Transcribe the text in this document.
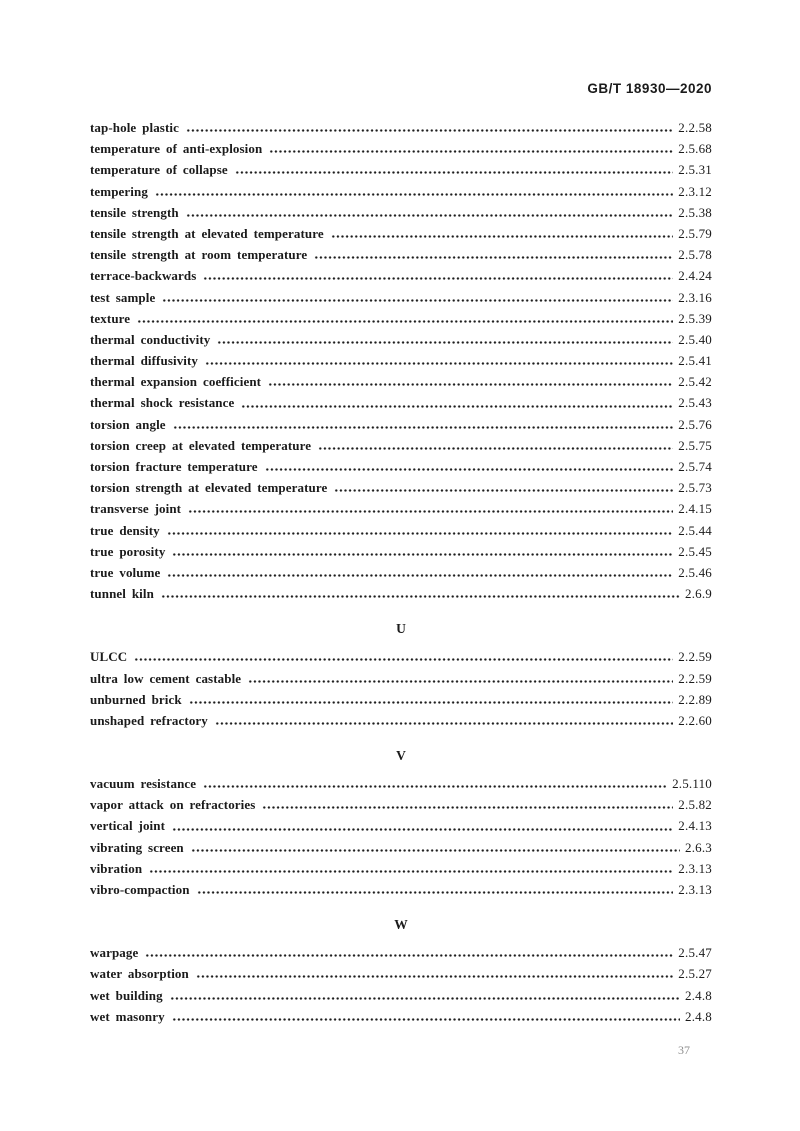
GB/T 18930—2020
tap-hole plastic	2.2.58
temperature of anti-explosion	2.5.68
temperature of collapse	2.5.31
tempering	2.3.12
tensile strength	2.5.38
tensile strength at elevated temperature	2.5.79
tensile strength at room temperature	2.5.78
terrace-backwards	2.4.24
test sample	2.3.16
texture	2.5.39
thermal conductivity	2.5.40
thermal diffusivity	2.5.41
thermal expansion coefficient	2.5.42
thermal shock resistance	2.5.43
torsion angle	2.5.76
torsion creep at elevated temperature	2.5.75
torsion fracture temperature	2.5.74
torsion strength at elevated temperature	2.5.73
transverse joint	2.4.15
true density	2.5.44
true porosity	2.5.45
true volume	2.5.46
tunnel kiln	2.6.9
U
ULCC	2.2.59
ultra low cement castable	2.2.59
unburned brick	2.2.89
unshaped refractory	2.2.60
V
vacuum resistance	2.5.110
vapor attack on refractories	2.5.82
vertical joint	2.4.13
vibrating screen	2.6.3
vibration	2.3.13
vibro-compaction	2.3.13
W
warpage	2.5.47
water absorption	2.5.27
wet building	2.4.8
wet masonry	2.4.8
37
